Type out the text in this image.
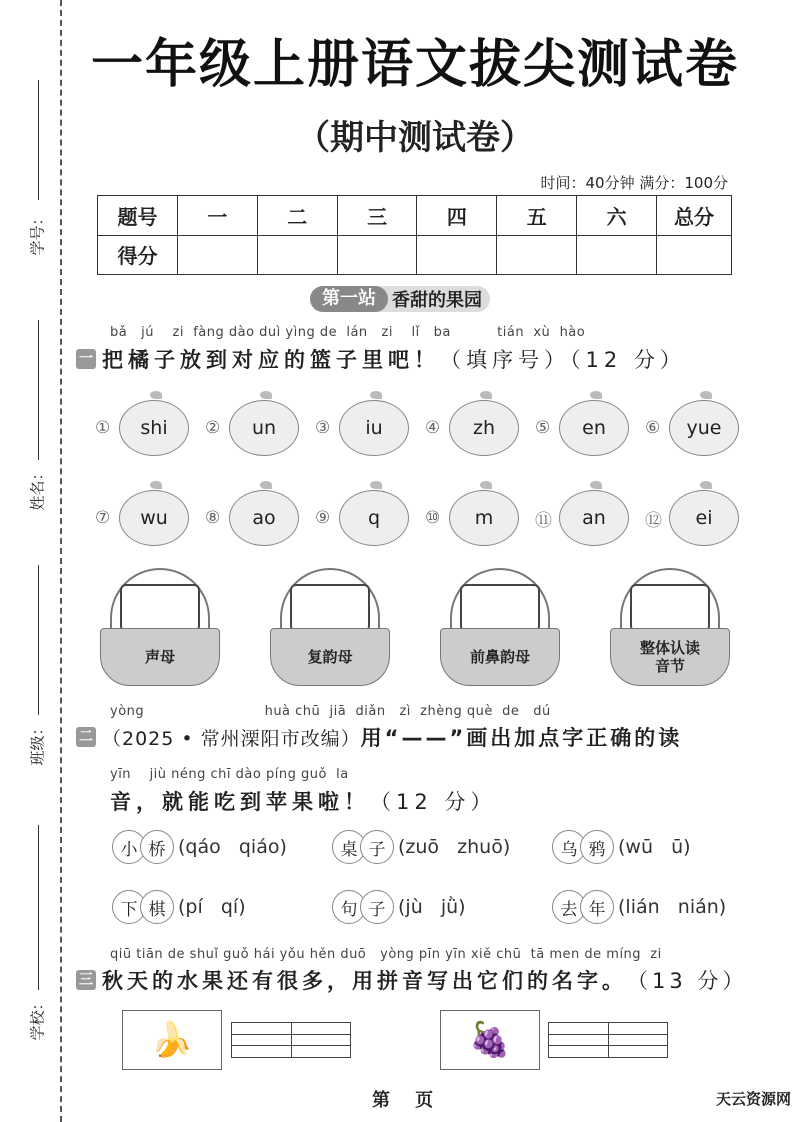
学号：
姓名：
班级：
学校：
一年级上册语文拔尖测试卷
（期中测试卷）
时间：40分钟 满分：100分
题号	一	二	三	四	五	六	总分
得分							
第一站 香甜的果园
bǎ   jú    zi  fàng dào duì yìng de  lán   zi    lǐ   ba          tián  xù  hào
一 把橘子放到对应的篮子里吧！ （填序号）（12 分）
①	shi ②	un ③	iu ④	zh ⑤	en ⑥	yue
⑦	wu ⑧	ao ⑨	q	⑩	m ⑪	an ⑫	ei
声母	复韵母	前鼻韵母	整体认读
音节
yòng                          huà chū  jiā  diǎn   zì  zhèng què  de   dú
二 （2025 • 常州溧阳市改编） 用“——”画出加点字正确的读
yīn    jiù néng chī dào píng guǒ  la
音，就能吃到苹果啦！ （12 分）
小 桥 (qáo   qiáo)	桌 子 (zuō   zhuō)	乌 鸦 (wū   ū)
下 棋 (pí   qí)	句 子 (jù   jǜ)	去 年 (lián   nián)
qiū tiān de shuǐ guǒ hái yǒu hěn duō   yòng pīn yīn xiě chū  tā men de míng  zi
三 秋天的水果还有很多，用拼音写出它们的名字。 （13 分）
🍌	🍇
第    页	天云资源网
